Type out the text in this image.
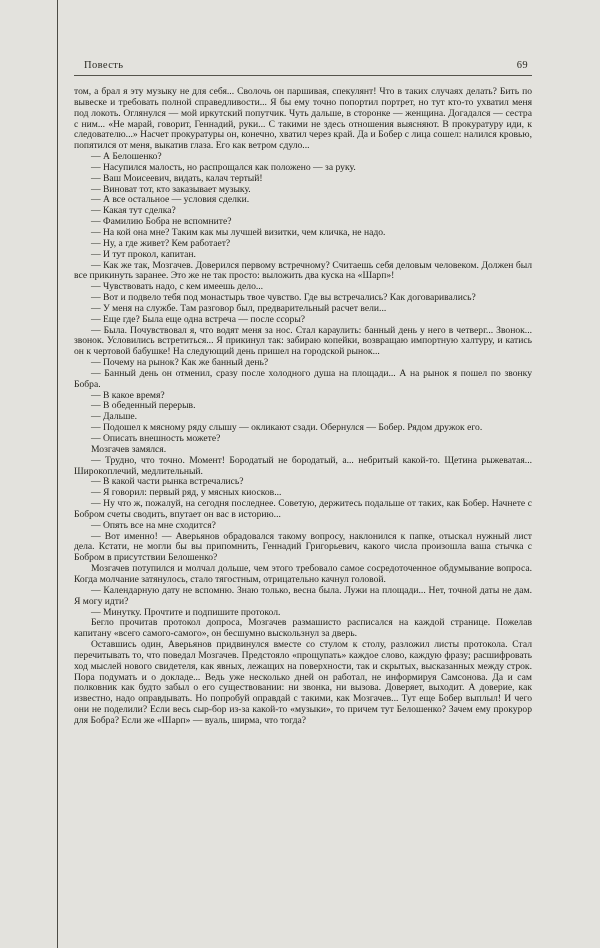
Повесть	69

том, а брал я эту музыку не для себя... Сволочь он паршивая, спекулянт! Что в таких случаях делать? Бить по вывеске и требовать полной справедливости... Я бы ему точно попортил портрет, но тут кто-то ухватил меня под локоть. Оглянулся — мой иркутский попутчик. Чуть дальше, в сторонке — женщина. Догадался — сестра с ним... «Не марай, говорит, Геннадий, руки... С такими не здесь отношения выясняют. В прокуратуру иди, к следователю...» Насчет прокуратуры он, конечно, хватил через край. Да и Бобер с лица сошел: налился кровью, попятился от меня, выкатив глаза. Его как ветром сдуло...

— А Белошенко?

— Насупился малость, но распрощался как положено — за руку.

— Ваш Моисеевич, видать, калач тертый!

— Виноват тот, кто заказывает музыку.

— А все остальное — условия сделки.

— Какая тут сделка?

— Фамилию Бобра не вспомните?

— На кой она мне? Таким как мы лучшей визитки, чем кличка, не надо.

— Ну, а где живет? Кем работает?

— И тут прокол, капитан.

— Как же так, Мозгачев. Доверился первому встречному? Считаешь себя деловым человеком. Должен был все прикинуть заранее. Это же не так просто: выложить два куска на «Шарп»!

— Чувствовать надо, с кем имеешь дело...

— Вот и подвело тебя под монастырь твое чувство. Где вы встречались? Как договаривались?

— У меня на службе. Там разговор был, предварительный расчет вели...

— Еще где? Была еще одна встреча — после ссоры?

— Была. Почувствовал я, что водят меня за нос. Стал караулить: банный день у него в четверг... Звонок... звонок. Условились встретиться... Я прикинул так: забираю копейки, возвращаю импортную халтуру, и катись он к чертовой бабушке! На следующий день пришел на городской рынок...

— Почему на рынок? Как же банный день?

— Банный день он отменил, сразу после холодного душа на площади... А на рынок я пошел по звонку Бобра.

— В какое время?

— В обеденный перерыв.

— Дальше.

— Подошел к мясному ряду слышу — окликают сзади. Обернулся — Бобер. Рядом дружок его.

— Описать внешность можете?

Мозгачев замялся.

— Трудно, что точно. Момент! Бородатый не бородатый, а... небритый какой-то. Щетина рыжеватая... Широкоплечий, медлительный.

— В какой части рынка встречались?

— Я говорил: первый ряд, у мясных киосков...

— Ну что ж, пожалуй, на сегодня последнее. Советую, держитесь подальше от таких, как Бобер. Начнете с Бобром счеты сводить, впутает он вас в историю...

— Опять все на мне сходится?

— Вот именно! — Аверьянов обрадовался такому вопросу, наклонился к папке, отыскал нужный лист дела. Кстати, не могли бы вы припомнить, Геннадий Григорьевич, какого числа произошла ваша стычка с Бобром в присутствии Белошенко?

Мозгачев потупился и молчал дольше, чем этого требовало самое сосредоточенное обдумывание вопроса. Когда молчание затянулось, стало тягостным, отрицательно качнул головой.

— Календарную дату не вспомню. Знаю только, весна была. Лужи на площади... Нет, точной даты не дам. Я могу идти?

— Минутку. Прочтите и подпишите протокол.

Бегло прочитав протокол допроса, Мозгачев размашисто расписался на каждой странице. Пожелав капитану «всего самого-самого», он бесшумно выскользнул за дверь.

Оставшись один, Аверьянов придвинулся вместе со стулом к столу, разложил листы протокола. Стал перечитывать то, что поведал Мозгачев. Предстояло «прощупать» каждое слово, каждую фразу; расшифровать ход мыслей нового свидетеля, как явных, лежащих на поверхности, так и скрытых, высказанных между строк. Пора подумать и о докладе... Ведь уже несколько дней он работал, не информируя Самсонова. Да и сам полковник как будто забыл о его существовании: ни звонка, ни вызова. Доверяет, выходит. А доверие, как известно, надо оправдывать. Но попробуй оправдай с такими, как Мозгачев... Тут еще Бобер выплыл! И чего они не поделили? Если весь сыр-бор из-за какой-то «музыки», то причем тут Белошенко? Зачем ему прокурор для Бобра? Если же «Шарп» — вуаль, ширма, что тогда?
